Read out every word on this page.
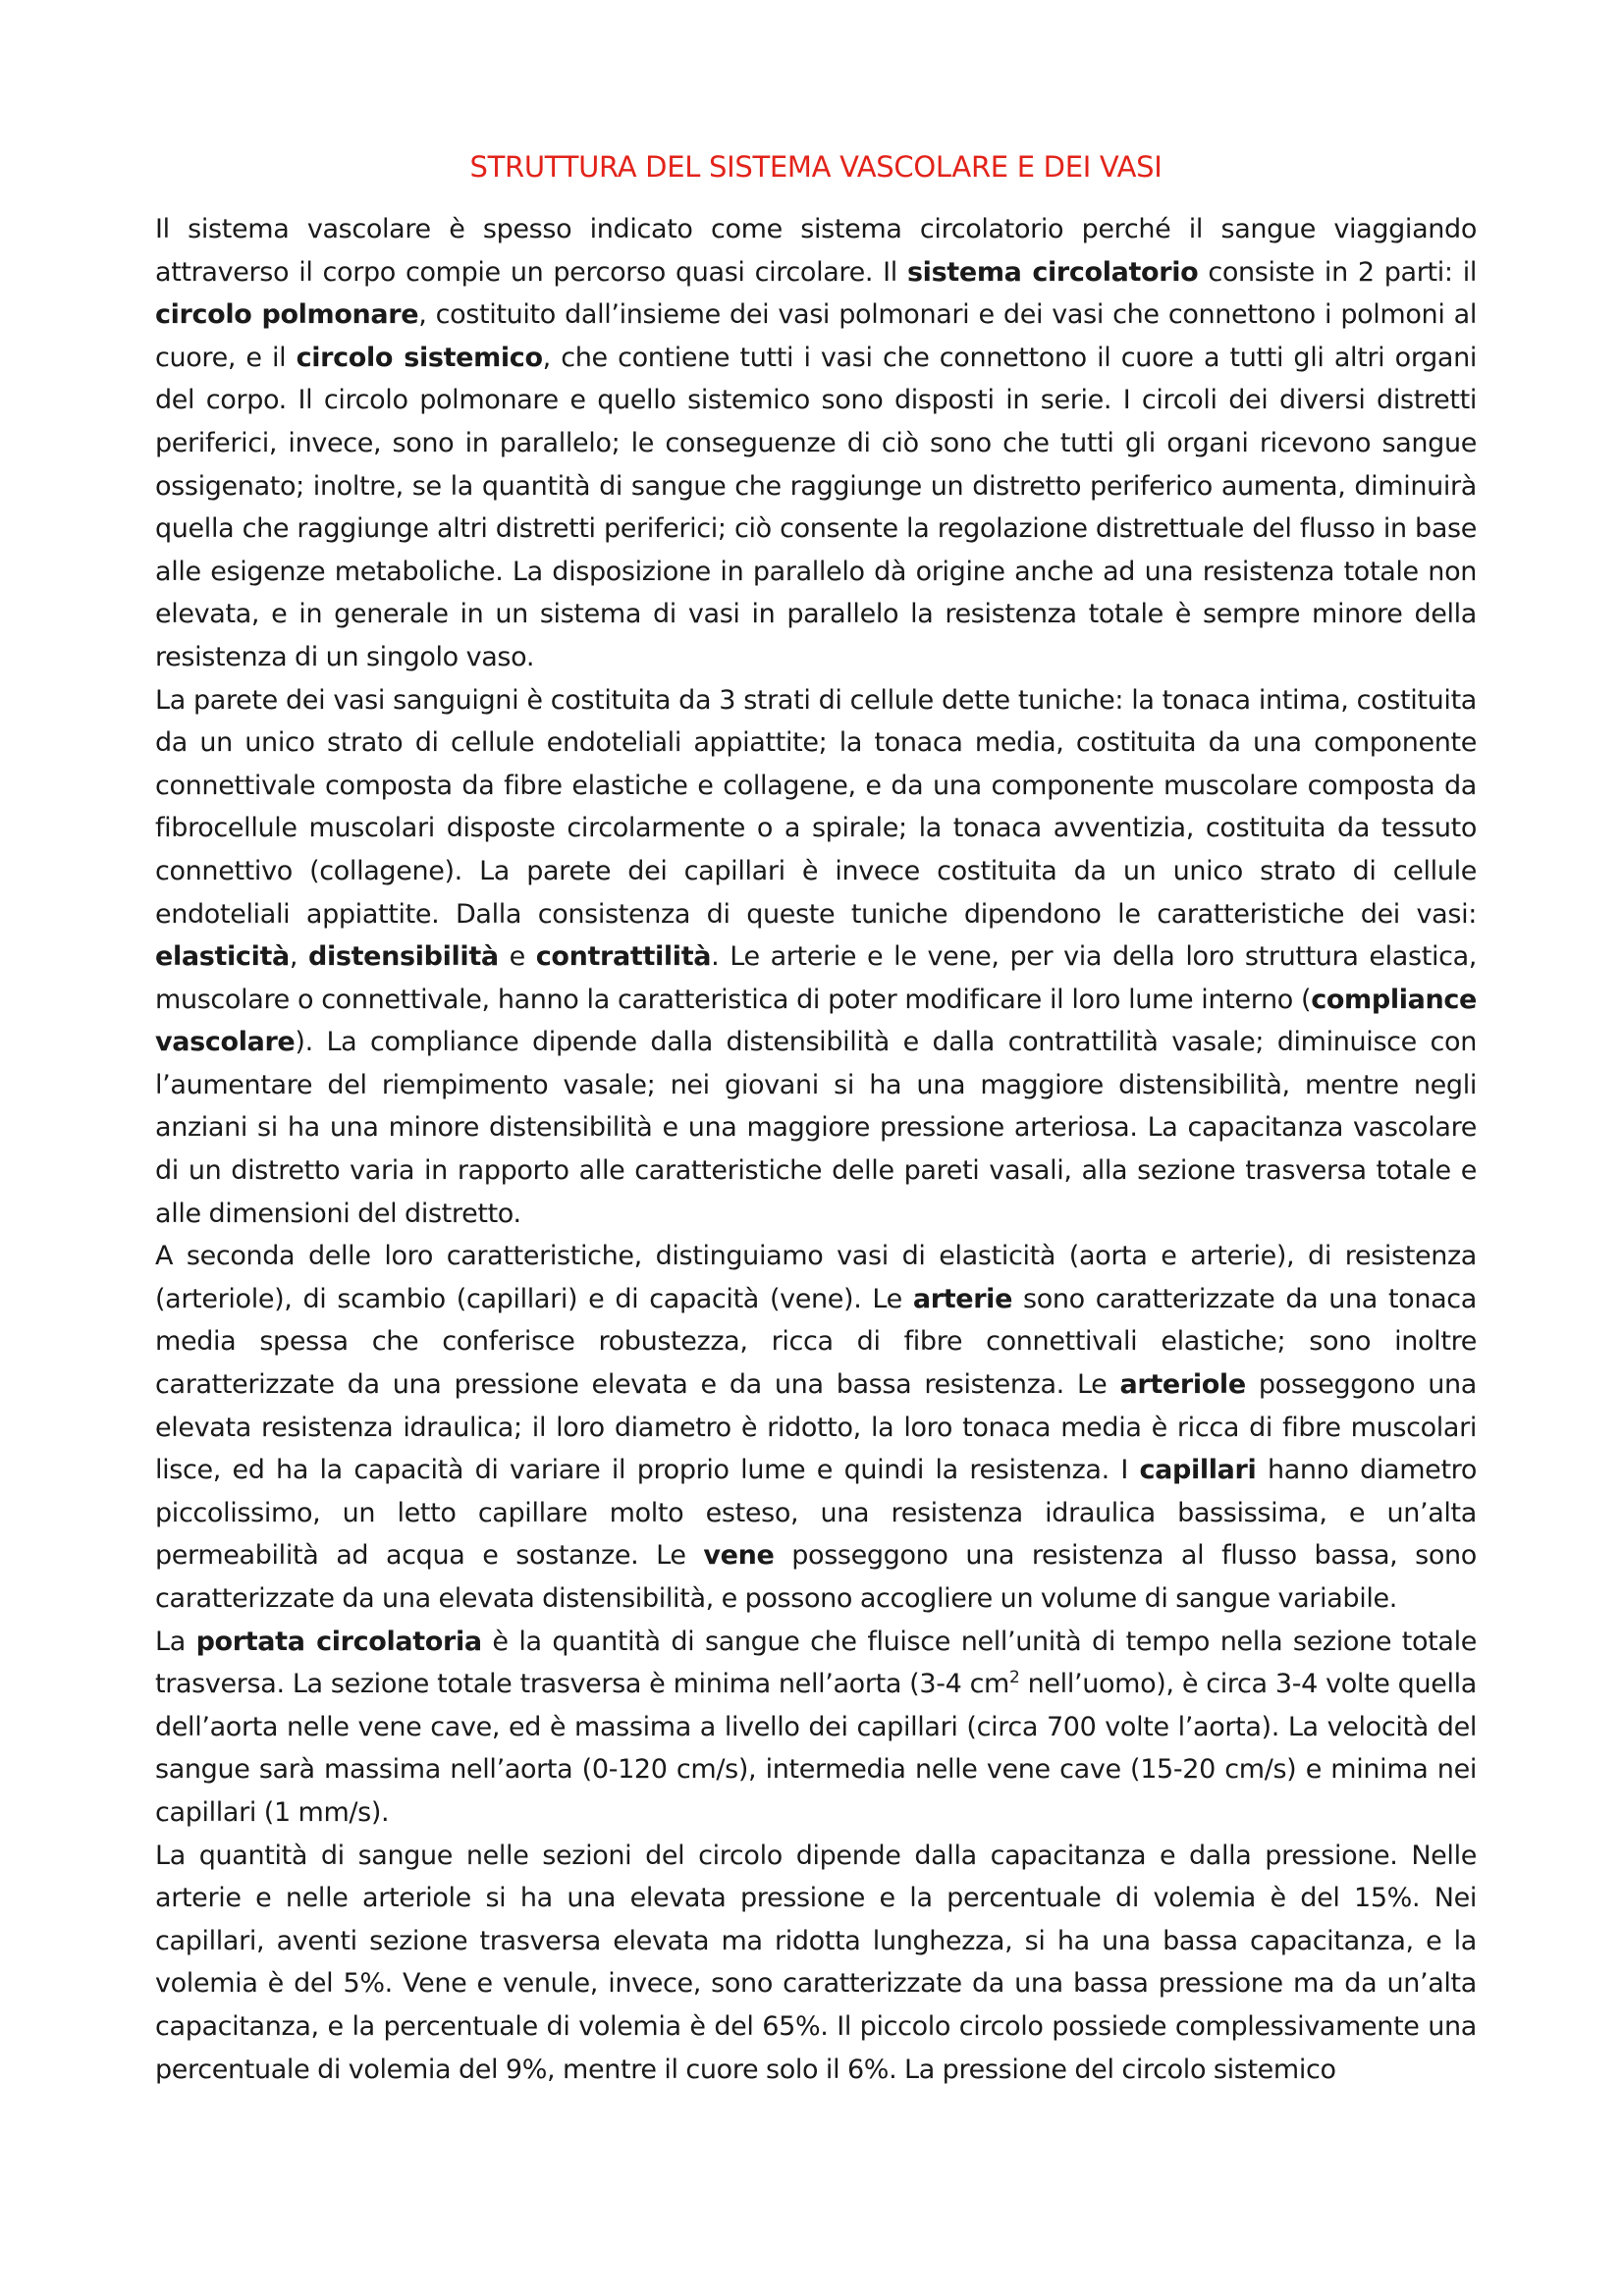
STRUTTURA DEL SISTEMA VASCOLARE E DEI VASI

Il sistema vascolare è spesso indicato come sistema circolatorio perché il sangue viaggiando attraverso il corpo compie un percorso quasi circolare. Il sistema circolatorio consiste in 2 parti: il circolo polmonare, costituito dall’insieme dei vasi polmonari e dei vasi che connettono i polmoni al cuore, e il circolo sistemico, che contiene tutti i vasi che connettono il cuore a tutti gli altri organi del corpo. Il circolo polmonare e quello sistemico sono disposti in serie. I circoli dei diversi distretti periferici, invece, sono in parallelo; le conseguenze di ciò sono che tutti gli organi ricevono sangue ossigenato; inoltre, se la quantità di sangue che raggiunge un distretto periferico aumenta, diminuirà quella che raggiunge altri distretti periferici; ciò consente la regolazione distrettuale del flusso in base alle esigenze metaboliche. La disposizione in parallelo dà origine anche ad una resistenza totale non elevata, e in generale in un sistema di vasi in parallelo la resistenza totale è sempre minore della resistenza di un singolo vaso.

La parete dei vasi sanguigni è costituita da 3 strati di cellule dette tuniche: la tonaca intima, costituita da un unico strato di cellule endoteliali appiattite; la tonaca media, costituita da una componente connettivale composta da fibre elastiche e collagene, e da una componente muscolare composta da fibrocellule muscolari disposte circolarmente o a spirale; la tonaca avventizia, costituita da tessuto connettivo (collagene). La parete dei capillari è invece costituita da un unico strato di cellule endoteliali appiattite. Dalla consistenza di queste tuniche dipendono le caratteristiche dei vasi: elasticità, distensibilità e contrattilità. Le arterie e le vene, per via della loro struttura elastica, muscolare o connettivale, hanno la caratteristica di poter modificare il loro lume interno (compliance vascolare). La compliance dipende dalla distensibilità e dalla contrattilità vasale; diminuisce con l’aumentare del riempimento vasale; nei giovani si ha una maggiore distensibilità, mentre negli anziani si ha una minore distensibilità e una maggiore pressione arteriosa. La capacitanza vascolare di un distretto varia in rapporto alle caratteristiche delle pareti vasali, alla sezione trasversa totale e alle dimensioni del distretto.

A seconda delle loro caratteristiche, distinguiamo vasi di elasticità (aorta e arterie), di resistenza (arteriole), di scambio (capillari) e di capacità (vene). Le arterie sono caratterizzate da una tonaca media spessa che conferisce robustezza, ricca di fibre connettivali elastiche; sono inoltre caratterizzate da una pressione elevata e da una bassa resistenza. Le arteriole posseggono una elevata resistenza idraulica; il loro diametro è ridotto, la loro tonaca media è ricca di fibre muscolari lisce, ed ha la capacità di variare il proprio lume e quindi la resistenza. I capillari hanno diametro piccolissimo, un letto capillare molto esteso, una resistenza idraulica bassissima, e un’alta permeabilità ad acqua e sostanze. Le vene posseggono una resistenza al flusso bassa, sono caratterizzate da una elevata distensibilità, e possono accogliere un volume di sangue variabile.

La portata circolatoria è la quantità di sangue che fluisce nell’unità di tempo nella sezione totale trasversa. La sezione totale trasversa è minima nell’aorta (3-4 $cm^2$ nell’uomo), è circa 3-4 volte quella dell’aorta nelle vene cave, ed è massima a livello dei capillari (circa 700 volte l’aorta). La velocità del sangue sarà massima nell’aorta (0-120 cm/s), intermedia nelle vene cave (15-20 cm/s) e minima nei capillari (1 mm/s).

La quantità di sangue nelle sezioni del circolo dipende dalla capacitanza e dalla pressione. Nelle arterie e nelle arteriole si ha una elevata pressione e la percentuale di volemia è del 15%. Nei capillari, aventi sezione trasversa elevata ma ridotta lunghezza, si ha una bassa capacitanza, e la volemia è del 5%. Vene e venule, invece, sono caratterizzate da una bassa pressione ma da un’alta capacitanza, e la percentuale di volemia è del 65%. Il piccolo circolo possiede complessivamente una percentuale di volemia del 9%, mentre il cuore solo il 6%. La pressione del circolo sistemico
